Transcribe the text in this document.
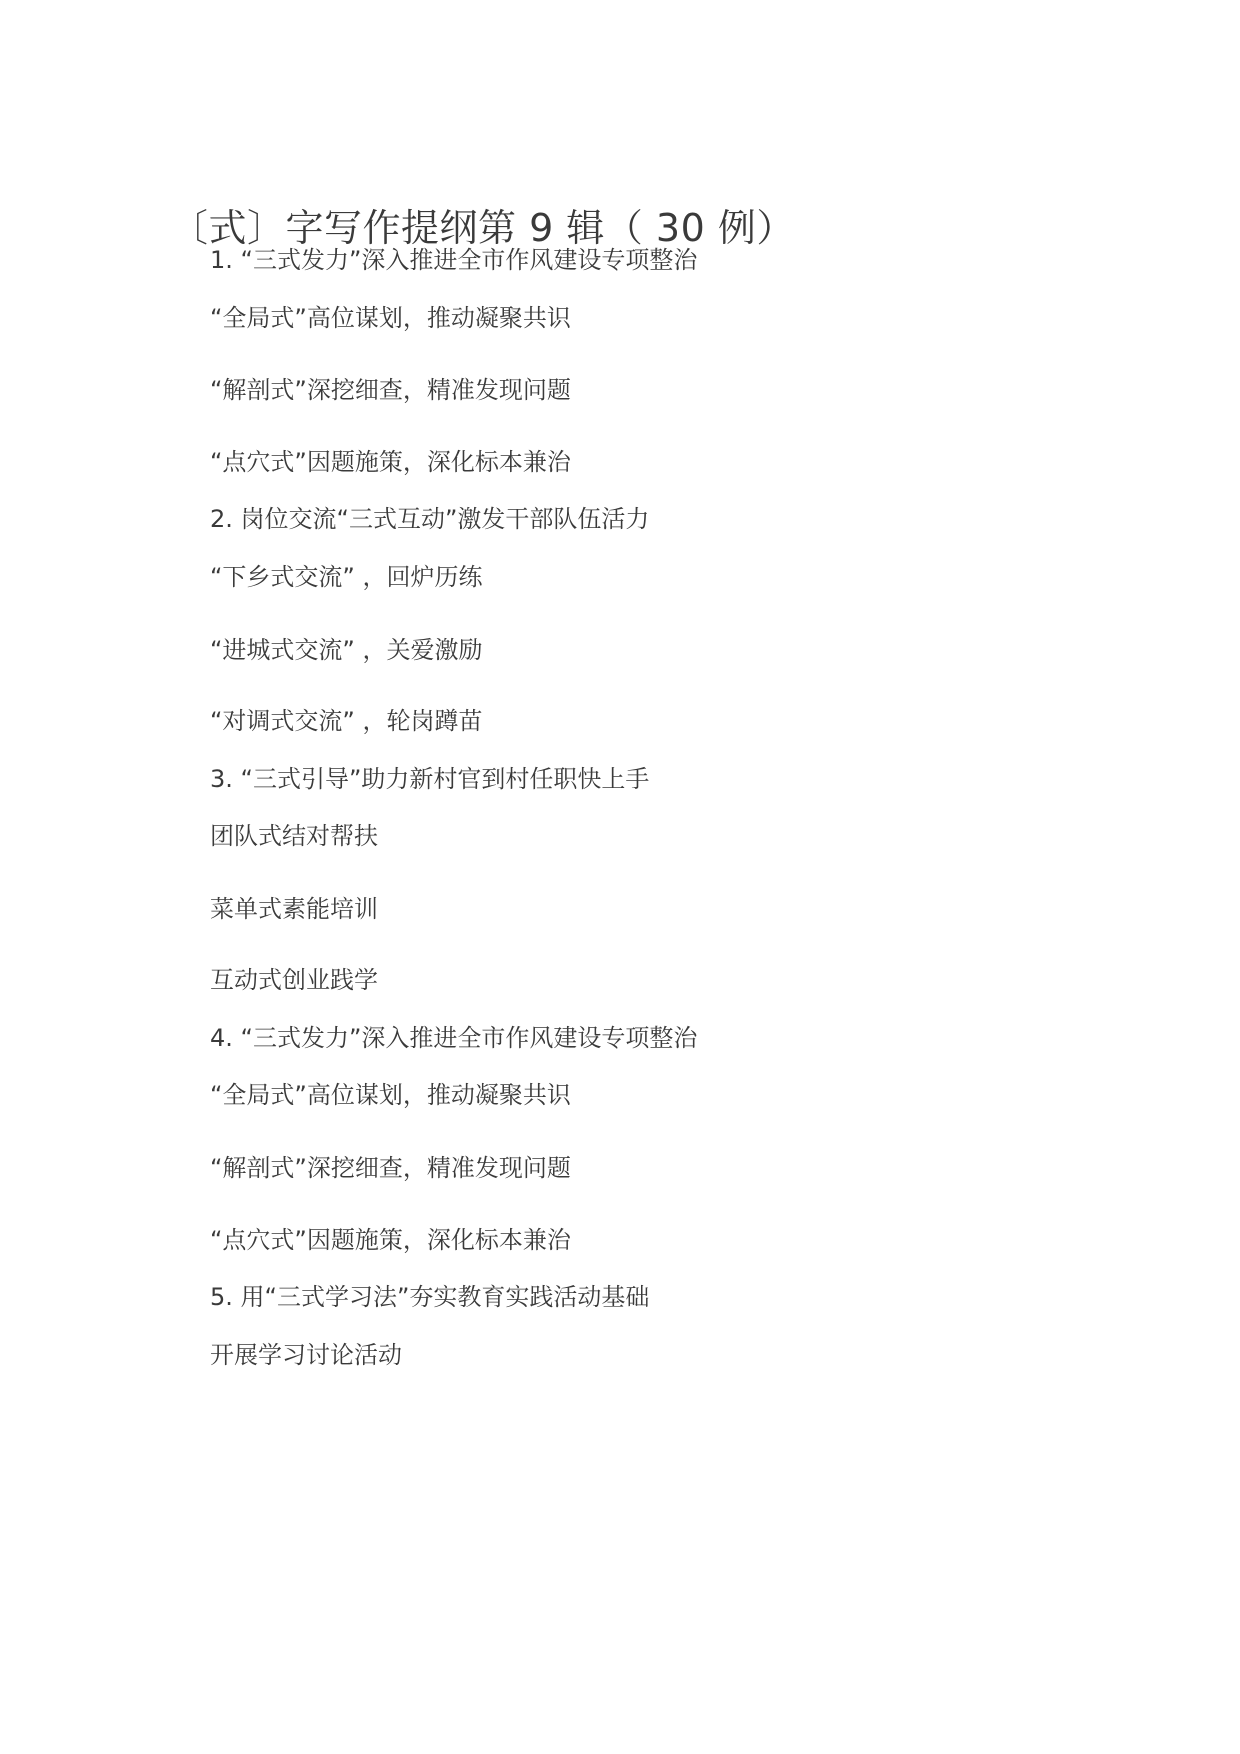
〔式〕字写作提纲第 9 辑（ 30 例）
1. “三式发力”深入推进全市作风建设专项整治
“全局式”高位谋划，推动凝聚共识
“解剖式”深挖细查，精准发现问题
“点穴式”因题施策，深化标本兼治
2. 岗位交流“三式互动”激发干部队伍活力
“下乡式交流” ，回炉历练
“进城式交流” ，关爱激励
“对调式交流” ，轮岗蹲苗
3. “三式引导”助力新村官到村任职快上手
团队式结对帮扶
菜单式素能培训
互动式创业践学
4. “三式发力”深入推进全市作风建设专项整治
“全局式”高位谋划，推动凝聚共识
“解剖式”深挖细查，精准发现问题
“点穴式”因题施策，深化标本兼治
5. 用“三式学习法”夯实教育实践活动基础
开展学习讨论活动
